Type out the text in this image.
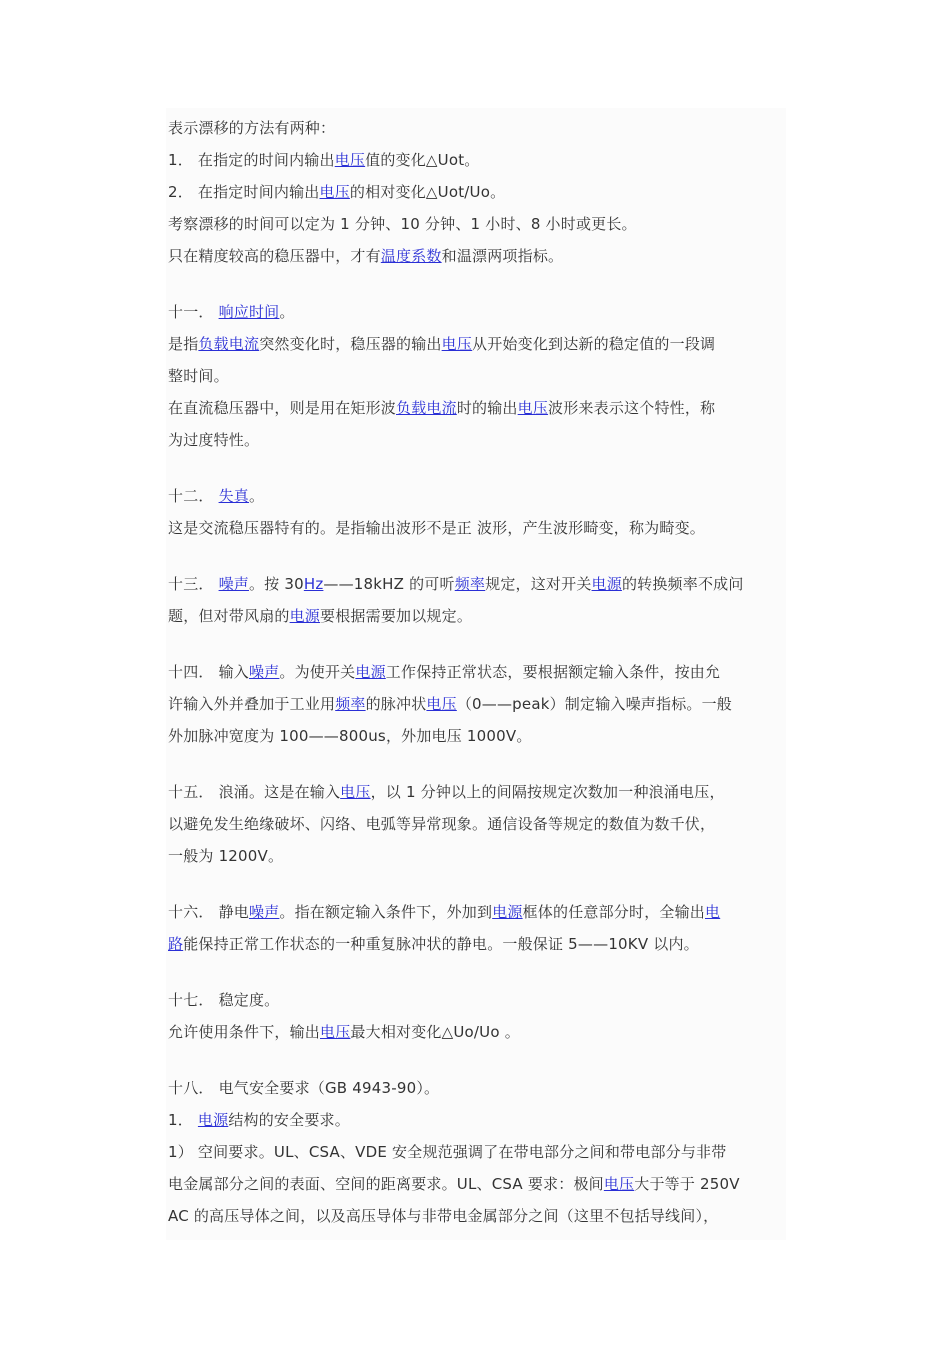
表示漂移的方法有两种：
1． 在指定的时间内输出电压值的变化△Uot。
2． 在指定时间内输出电压的相对变化△Uot/Uo。
考察漂移的时间可以定为 1 分钟、10 分钟、1 小时、8 小时或更长。
只在精度较高的稳压器中，才有温度系数和温漂两项指标。
十一． 响应时间。
是指负载电流突然变化时，稳压器的输出电压从开始变化到达新的稳定值的一段调
整时间。
在直流稳压器中，则是用在矩形波负载电流时的输出电压波形来表示这个特性，称
为过度特性。
十二． 失真。
这是交流稳压器特有的。是指输出波形不是正 波形，产生波形畸变，称为畸变。
十三． 噪声。按 30Hz——18kHZ 的可听频率规定，这对开关电源的转换频率不成问
题，但对带风扇的电源要根据需要加以规定。
十四． 输入噪声。为使开关电源工作保持正常状态，要根据额定输入条件，按由允
许输入外并叠加于工业用频率的脉冲状电压（0——peak）制定输入噪声指标。一般
外加脉冲宽度为 100——800us，外加电压 1000V。
十五． 浪涌。这是在输入电压，以 1 分钟以上的间隔按规定次数加一种浪涌电压，
以避免发生绝缘破坏、闪络、电弧等异常现象。通信设备等规定的数值为数千伏，
一般为 1200V。
十六． 静电噪声。指在额定输入条件下，外加到电源框体的任意部分时，全输出电
路能保持正常工作状态的一种重复脉冲状的静电。一般保证 5——10KV 以内。
十七． 稳定度。
允许使用条件下，输出电压最大相对变化△Uo/Uo 。
十八． 电气安全要求（GB 4943-90）。
1． 电源结构的安全要求。
1） 空间要求。UL、CSA、VDE 安全规范强调了在带电部分之间和带电部分与非带
电金属部分之间的表面、空间的距离要求。UL、CSA 要求：极间电压大于等于 250V
AC 的高压导体之间，以及高压导体与非带电金属部分之间（这里不包括导线间），
